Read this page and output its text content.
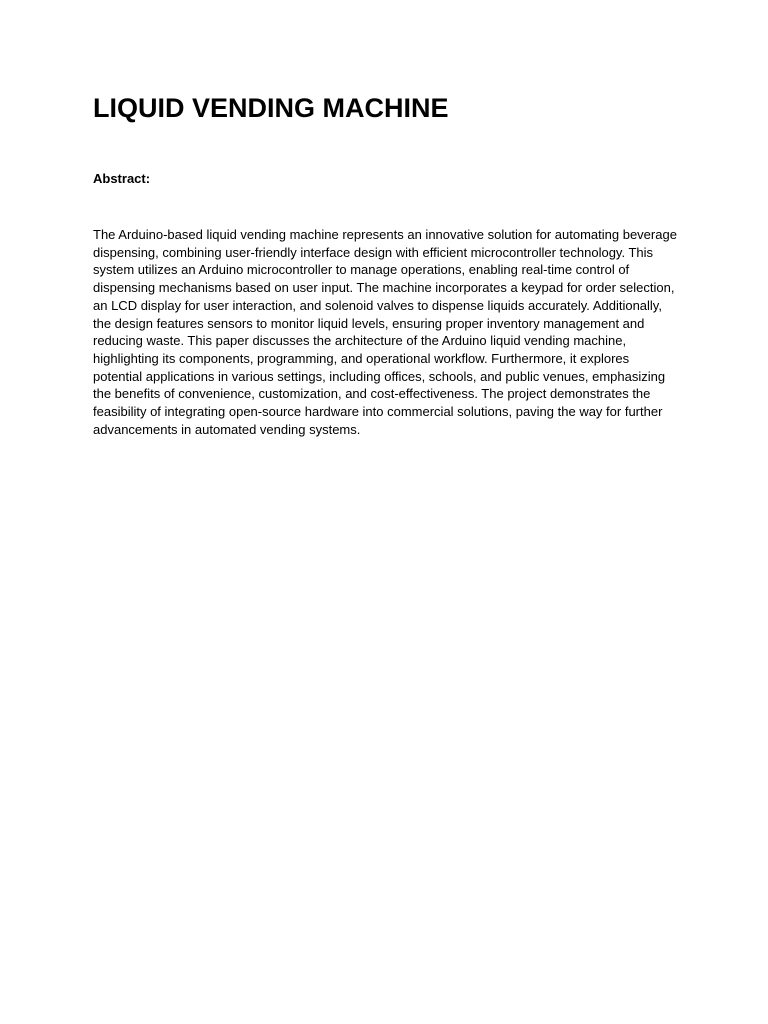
LIQUID VENDING MACHINE

Abstract:

The Arduino-based liquid vending machine represents an innovative solution for automating beverage dispensing, combining user-friendly interface design with efficient microcontroller technology. This system utilizes an Arduino microcontroller to manage operations, enabling real-time control of dispensing mechanisms based on user input. The machine incorporates a keypad for order selection, an LCD display for user interaction, and solenoid valves to dispense liquids accurately. Additionally, the design features sensors to monitor liquid levels, ensuring proper inventory management and reducing waste. This paper discusses the architecture of the Arduino liquid vending machine, highlighting its components, programming, and operational workflow. Furthermore, it explores potential applications in various settings, including offices, schools, and public venues, emphasizing the benefits of convenience, customization, and cost-effectiveness. The project demonstrates the feasibility of integrating open-source hardware into commercial solutions, paving the way for further advancements in automated vending systems.
